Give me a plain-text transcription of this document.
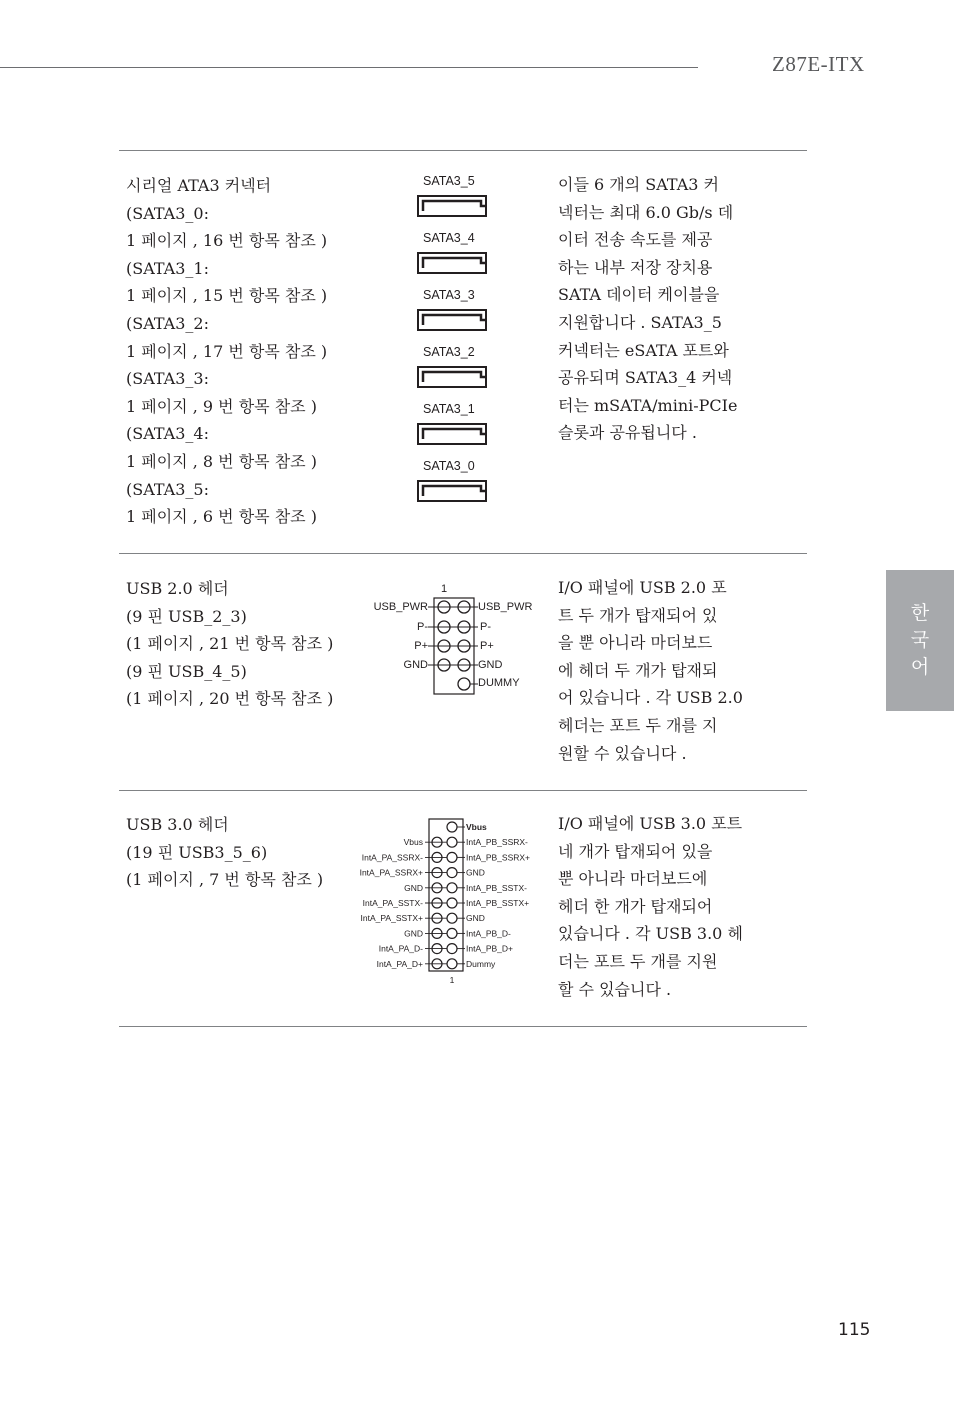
Z87E-ITX
한
국
어
시리얼 ATA3 커넥터
(SATA3_0:
1 페이지 , 16 번 항목 참조 )
(SATA3_1:
1 페이지 , 15 번 항목 참조 )
(SATA3_2:
1 페이지 , 17 번 항목 참조 )
(SATA3_3:
1 페이지 , 9 번 항목 참조 )
(SATA3_4:
1 페이지 , 8 번 항목 참조 )
(SATA3_5:
1 페이지 , 6 번 항목 참조 )
SATA3_5
SATA3_4
SATA3_3
SATA3_2
SATA3_1
SATA3_0
이들 6 개의 SATA3 커
넥터는 최대 6.0 Gb/s 데
이터 전송 속도를 제공
하는 내부 저장 장치용
SATA 데이터 케이블을
지원합니다 . SATA3_5
커넥터는 eSATA 포트와
공유되며 SATA3_4 커넥
터는 mSATA/mini-PCIe
슬롯과 공유됩니다 .
USB 2.0 헤더
(9 핀 USB_2_3)
(1 페이지 , 21 번 항목 참조 )
(9 핀 USB_4_5)
(1 페이지 , 20 번 항목 참조 )
1
USB_PWR
P-
P+
GND
USB_PWR
P-
P+
GND
DUMMY
I/O 패널에 USB 2.0 포
트 두 개가 탑재되어 있
을 뿐 아니라 마더보드
에 헤더 두 개가 탑재되
어 있습니다 . 각 USB 2.0
헤더는 포트 두 개를 지
원할 수 있습니다 .
USB 3.0 헤더
(19 핀 USB3_5_6)
(1 페이지 , 7 번 항목 참조 )
Vbus
IntA_PA_SSRX-
IntA_PA_SSRX+
GND
IntA_PA_SSTX-
IntA_PA_SSTX+
GND
IntA_PA_D-
IntA_PA_D+
Vbus
IntA_PB_SSRX-
IntA_PB_SSRX+
GND
IntA_PB_SSTX-
IntA_PB_SSTX+
GND
IntA_PB_D-
IntA_PB_D+
Dummy
1
I/O 패널에 USB 3.0 포트
네 개가 탑재되어 있을
뿐 아니라 마더보드에
헤더 한 개가 탑재되어
있습니다 . 각 USB 3.0 헤
더는 포트 두 개를 지원
할 수 있습니다 .
115
